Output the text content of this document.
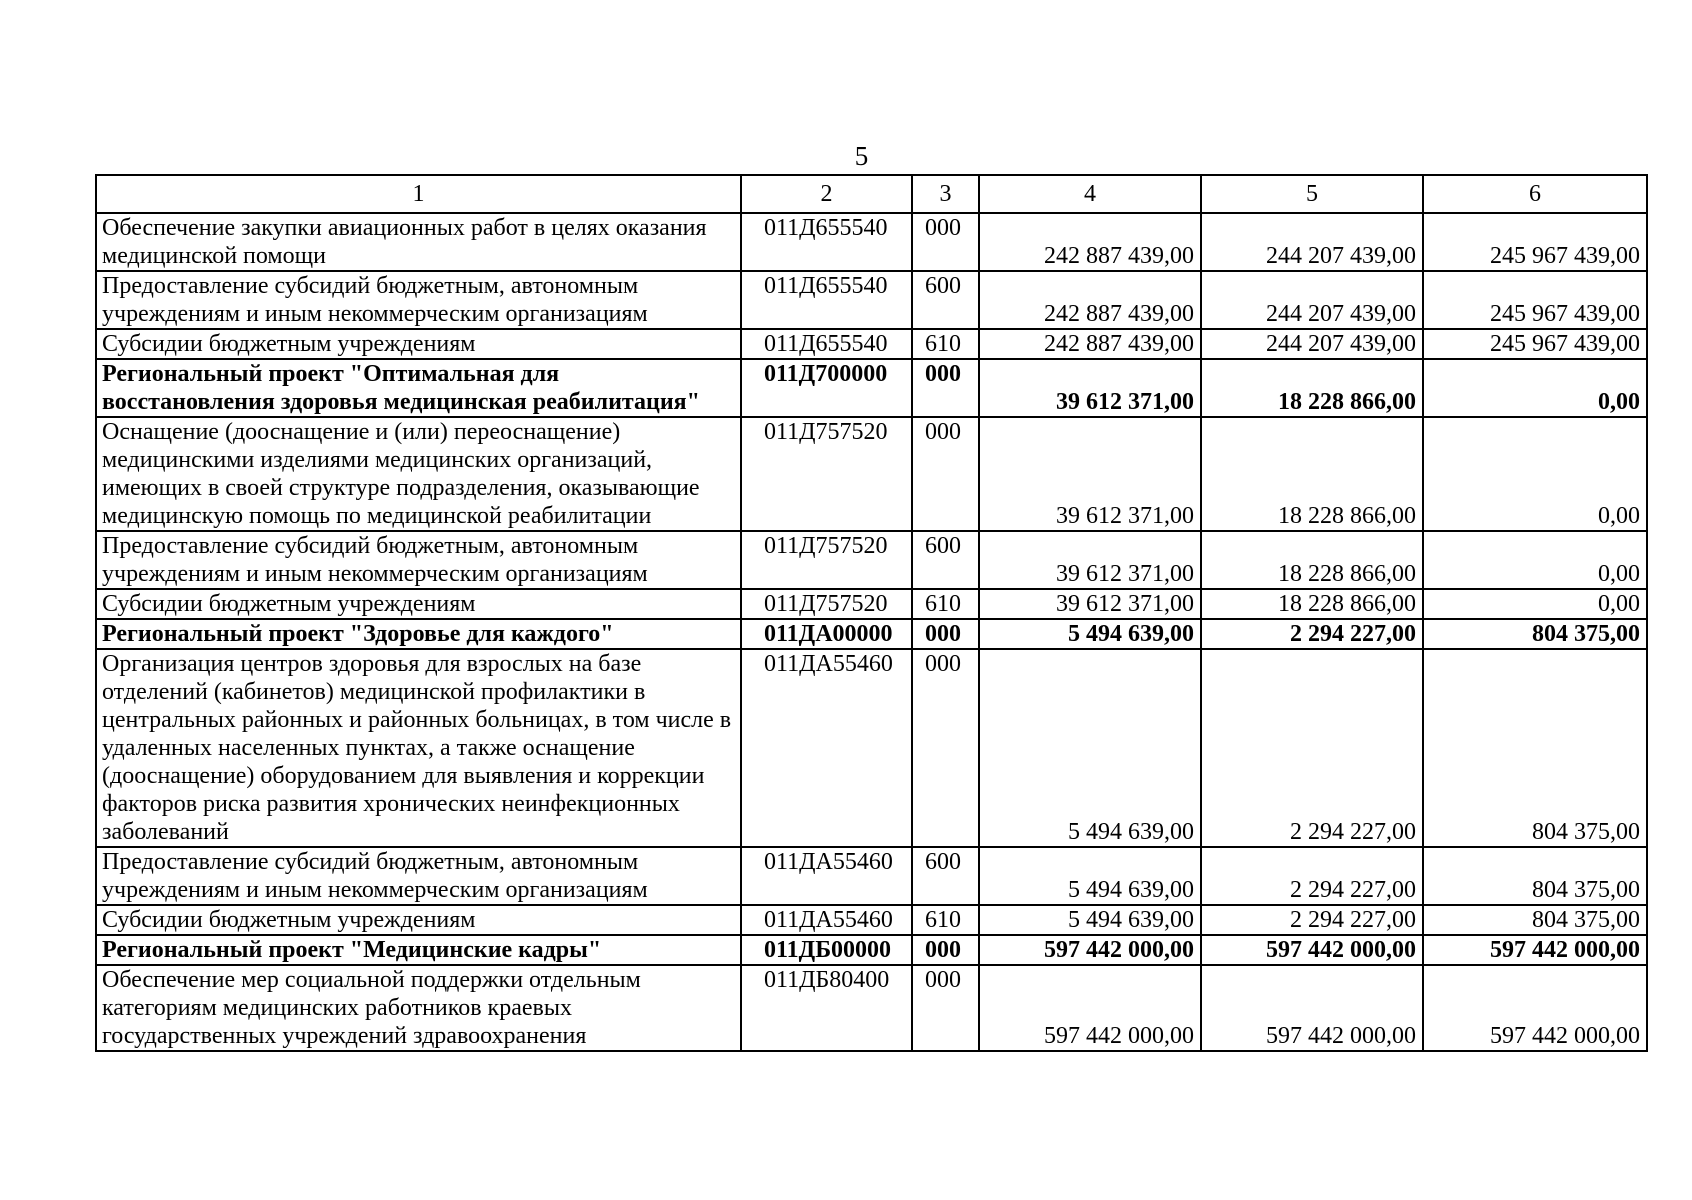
5
1	2	3	4	5	6
Обеспечение закупки авиационных работ в целях оказания медицинской помощи	011Д655540	000	242 887 439,00	244 207 439,00	245 967 439,00
Предоставление субсидий бюджетным, автономным учреждениям и иным некоммерческим организациям	011Д655540	600	242 887 439,00	244 207 439,00	245 967 439,00
Субсидии бюджетным учреждениям	011Д655540	610	242 887 439,00	244 207 439,00	245 967 439,00
Региональный проект "Оптимальная для восстановления здоровья медицинская реабилитация"	011Д700000	000	39 612 371,00	18 228 866,00	0,00
Оснащение (дооснащение и (или) переоснащение) медицинскими изделиями медицинских организаций, имеющих в своей структуре подразделения, оказывающие медицинскую помощь по медицинской реабилитации	011Д757520	000	39 612 371,00	18 228 866,00	0,00
Предоставление субсидий бюджетным, автономным учреждениям и иным некоммерческим организациям	011Д757520	600	39 612 371,00	18 228 866,00	0,00
Субсидии бюджетным учреждениям	011Д757520	610	39 612 371,00	18 228 866,00	0,00
Региональный проект "Здоровье для каждого"	011ДА00000	000	5 494 639,00	2 294 227,00	804 375,00
Организация центров здоровья для взрослых на базе отделений (кабинетов) медицинской профилактики в центральных районных и районных больницах, в том числе в удаленных населенных пунктах, а также оснащение (дооснащение) оборудованием для выявления и коррекции факторов риска развития хронических неинфекционных заболеваний	011ДА55460	000	5 494 639,00	2 294 227,00	804 375,00
Предоставление субсидий бюджетным, автономным учреждениям и иным некоммерческим организациям	011ДА55460	600	5 494 639,00	2 294 227,00	804 375,00
Субсидии бюджетным учреждениям	011ДА55460	610	5 494 639,00	2 294 227,00	804 375,00
Региональный проект "Медицинские кадры"	011ДБ00000	000	597 442 000,00	597 442 000,00	597 442 000,00
Обеспечение мер социальной поддержки отдельным категориям медицинских работников краевых государственных учреждений здравоохранения	011ДБ80400	000	597 442 000,00	597 442 000,00	597 442 000,00
